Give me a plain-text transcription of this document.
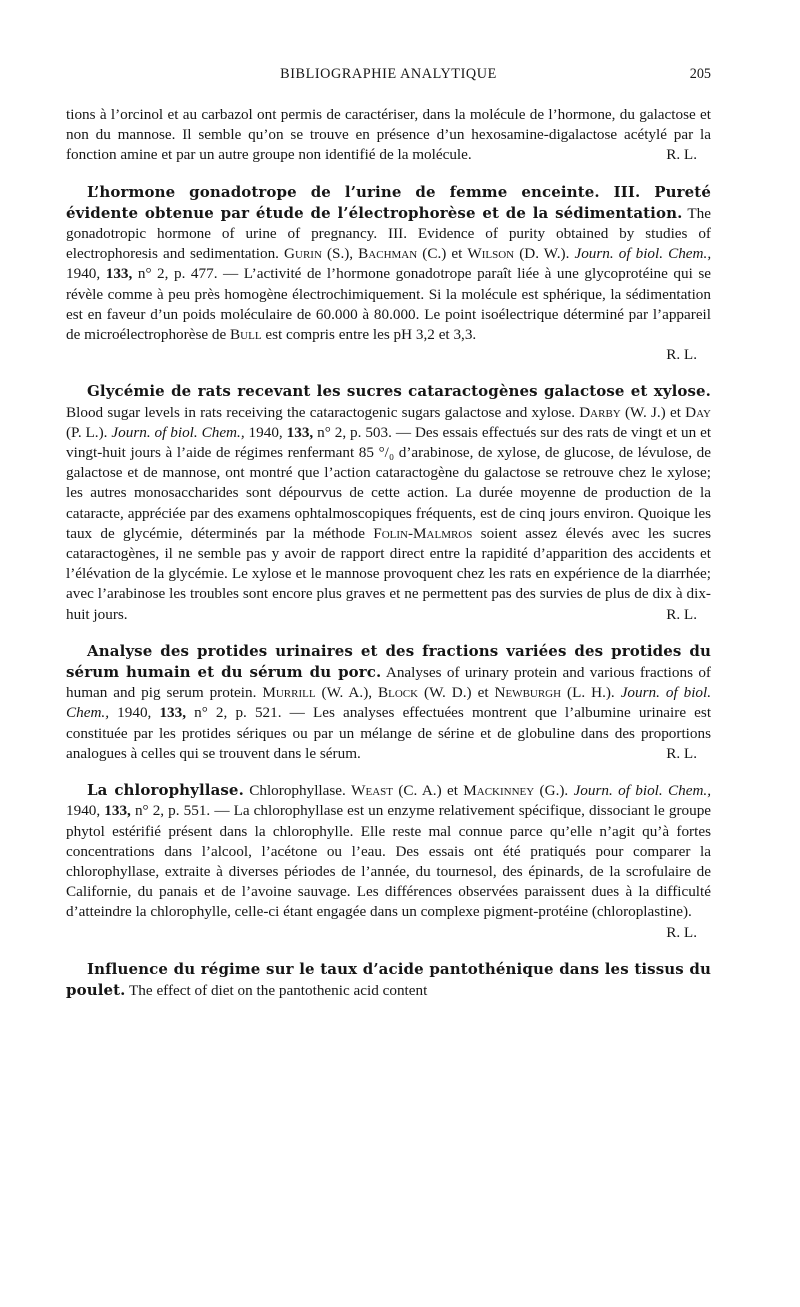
BIBLIOGRAPHIE ANALYTIQUE	205

tions à l’orcinol et au carbazol ont permis de caractériser, dans la molécule de l’hormone, du galactose et non du mannose. Il semble qu’on se trouve en présence d’un hexosamine-digalactose acétylé par la fonction amine et par un autre groupe non identifié de la molécule.	R. L.

L’hormone gonadotrope de l’urine de femme enceinte. III. Pureté évidente obtenue par étude de l’électrophorèse et de la sédimentation. The gonadotropic hormone of urine of pregnancy. III. Evidence of purity obtained by studies of electrophoresis and sedimentation. Gurin (S.), Bachman (C.) et Wilson (D. W.). Journ. of biol. Chem., 1940, 133, n° 2, p. 477. — L’activité de l’hormone gonadotrope paraît liée à une glycoprotéine qui se révèle comme à peu près homogène électrochimiquement. Si la molécule est sphérique, la sédimentation est en faveur d’un poids moléculaire de 60.000 à 80.000. Le point isoélectrique déterminé par l’appareil de microélectrophorèse de Bull est compris entre les pH 3,2 et 3,3.

R. L.

Glycémie de rats recevant les sucres cataractogènes galactose et xylose. Blood sugar levels in rats receiving the cataractogenic sugars galactose and xylose. Darby (W. J.) et Day (P. L.). Journ. of biol. Chem., 1940, 133, n° 2, p. 503. — Des essais effectués sur des rats de vingt et un et vingt-huit jours à l’aide de régimes renfermant 85 °/₀ d’arabinose, de xylose, de glucose, de lévulose, de galactose et de mannose, ont montré que l’action cataractogène du galactose se retrouve chez le xylose; les autres monosaccharides sont dépourvus de cette action. La durée moyenne de production de la cataracte, appréciée par des examens ophtalmoscopiques fréquents, est de cinq jours environ. Quoique les taux de glycémie, déterminés par la méthode Folin-Malmros soient assez élevés avec les sucres cataractogènes, il ne semble pas y avoir de rapport direct entre la rapidité d’apparition des accidents et l’élévation de la glycémie. Le xylose et le mannose provoquent chez les rats en expérience de la diarrhée; avec l’arabinose les troubles sont encore plus graves et ne permettent pas des survies de plus de dix à dix-huit jours.	R. L.

Analyse des protides urinaires et des fractions variées des protides du sérum humain et du sérum du porc. Analyses of urinary protein and various fractions of human and pig serum protein. Murrill (W. A.), Block (W. D.) et Newburgh (L. H.). Journ. of biol. Chem., 1940, 133, n° 2, p. 521. — Les analyses effectuées montrent que l’albumine urinaire est constituée par les protides sériques ou par un mélange de sérine et de globuline dans des proportions analogues à celles qui se trouvent dans le sérum.	R. L.

La chlorophyllase. Chlorophyllase. Weast (C. A.) et Mackinney (G.). Journ. of biol. Chem., 1940, 133, n° 2, p. 551. — La chlorophyllase est un enzyme relativement spécifique, dissociant le groupe phytol estérifié présent dans la chlorophylle. Elle reste mal connue parce qu’elle n’agit qu’à fortes concentrations dans l’alcool, l’acétone ou l’eau. Des essais ont été pratiqués pour comparer la chlorophyllase, extraite à diverses périodes de l’année, du tournesol, des épinards, de la scrofulaire de Californie, du panais et de l’avoine sauvage. Les différences observées paraissent dues à la difficulté d’atteindre la chlorophylle, celle-ci étant engagée dans un complexe pigment-protéine (chloroplastine).
R. L.

Influence du régime sur le taux d’acide pantothénique dans les tissus du poulet. The effect of diet on the pantothenic acid content
